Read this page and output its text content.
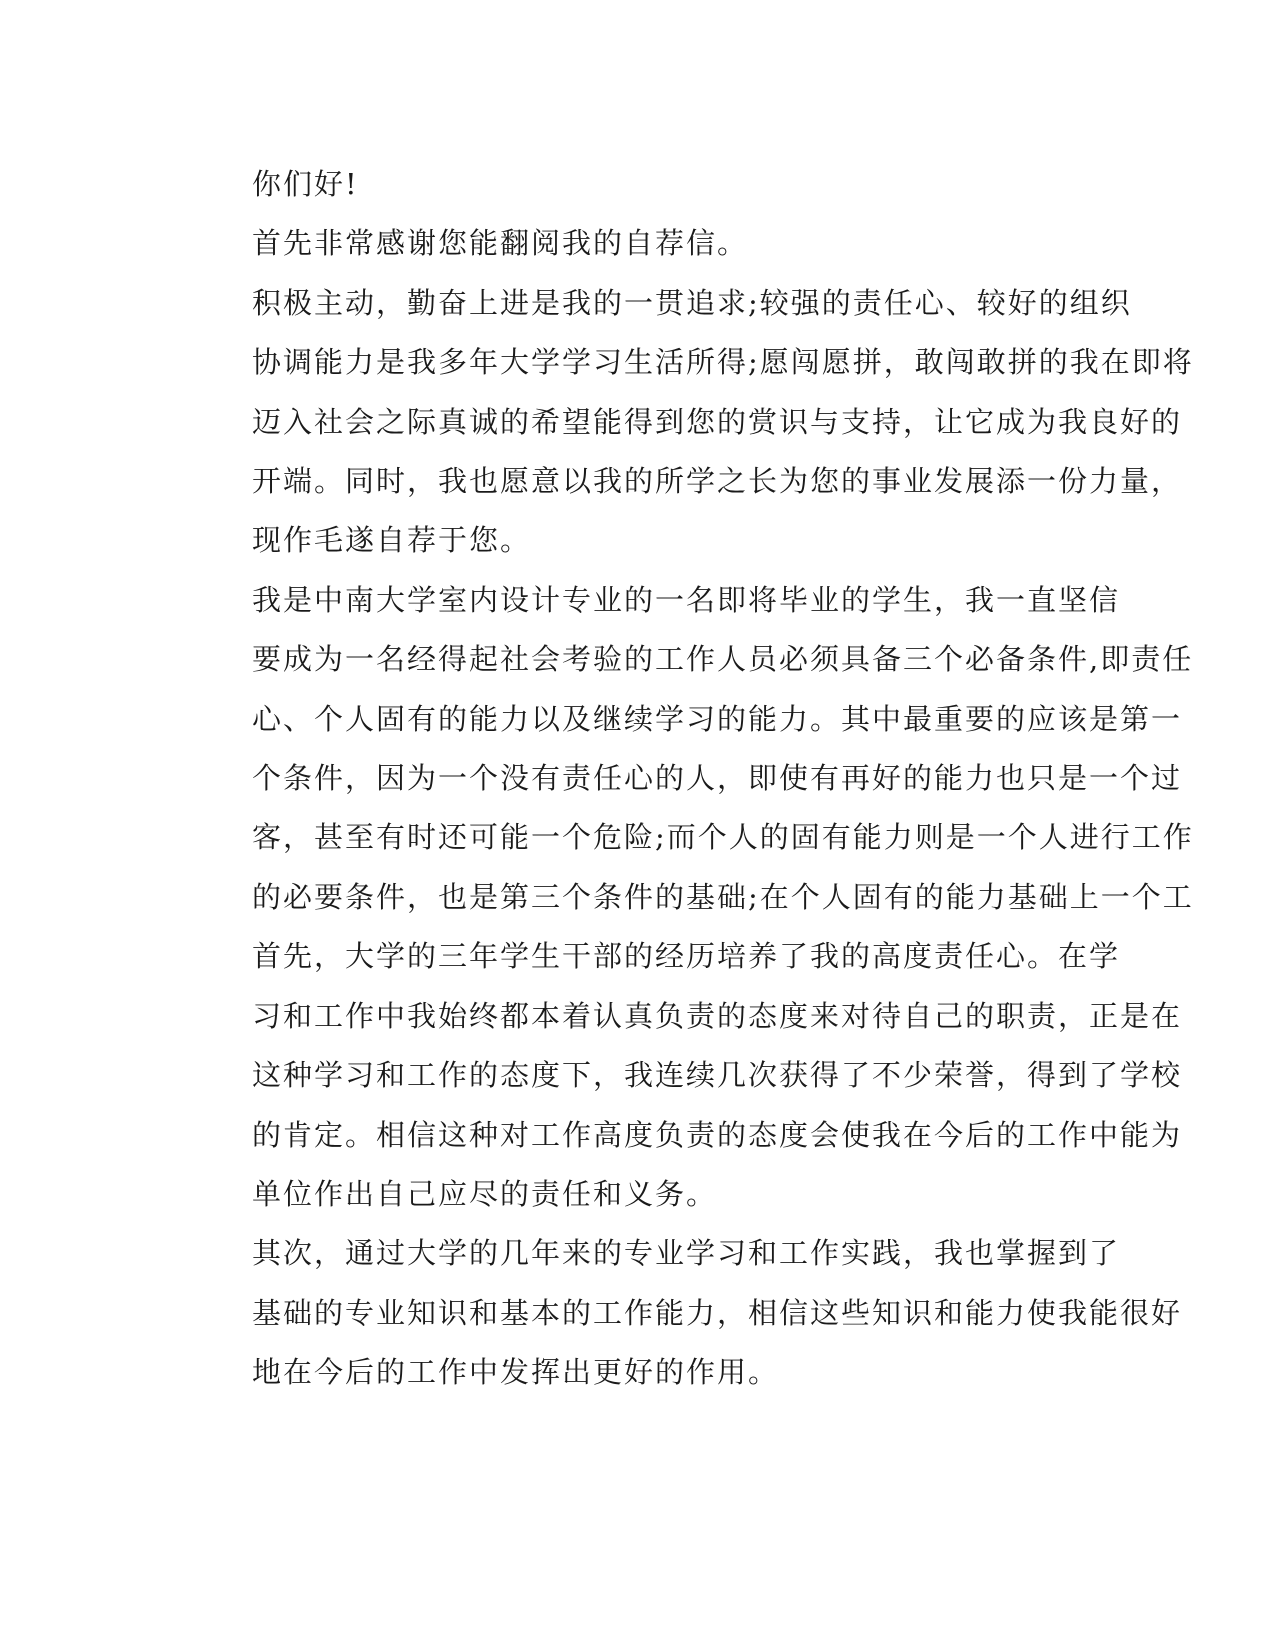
你们好!

首先非常感谢您能翻阅我的自荐信。

积极主动，勤奋上进是我的一贯追求;较强的责任心、较好的组织
协调能力是我多年大学学习生活所得;愿闯愿拼，敢闯敢拼的我在即将
迈入社会之际真诚的希望能得到您的赏识与支持，让它成为我良好的
开端。同时，我也愿意以我的所学之长为您的事业发展添一份力量，
现作毛遂自荐于您。

我是中南大学室内设计专业的一名即将毕业的学生，我一直坚信
要成为一名经得起社会考验的工作人员必须具备三个必备条件,即责任
心、个人固有的能力以及继续学习的能力。其中最重要的应该是第一
个条件，因为一个没有责任心的人，即使有再好的能力也只是一个过
客，甚至有时还可能一个危险;而个人的固有能力则是一个人进行工作
的必要条件，也是第三个条件的基础;在个人固有的能力基础上一个工

首先，大学的三年学生干部的经历培养了我的高度责任心。在学
习和工作中我始终都本着认真负责的态度来对待自己的职责，正是在
这种学习和工作的态度下，我连续几次获得了不少荣誉，得到了学校
的肯定。相信这种对工作高度负责的态度会使我在今后的工作中能为
单位作出自己应尽的责任和义务。

其次，通过大学的几年来的专业学习和工作实践，我也掌握到了
基础的专业知识和基本的工作能力，相信这些知识和能力使我能很好
地在今后的工作中发挥出更好的作用。
